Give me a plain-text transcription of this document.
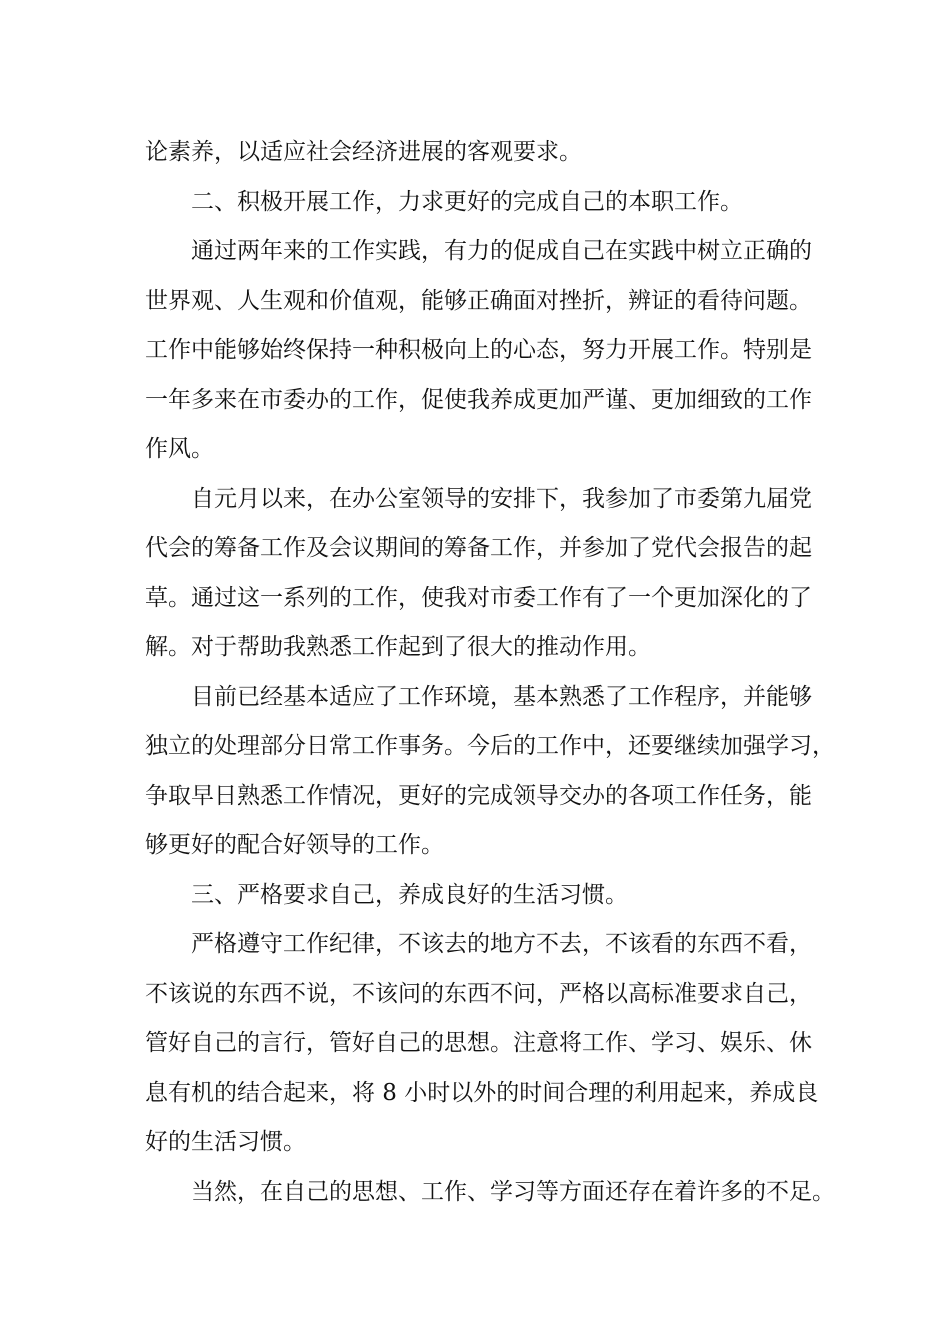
论素养，以适应社会经济进展的客观要求。
二、积极开展工作，力求更好的完成自己的本职工作。
通过两年来的工作实践，有力的促成自己在实践中树立正确的
世界观、人生观和价值观，能够正确面对挫折，辨证的看待问题。
工作中能够始终保持一种积极向上的心态，努力开展工作。特别是
一年多来在市委办的工作，促使我养成更加严谨、更加细致的工作
作风。
自元月以来，在办公室领导的安排下，我参加了市委第九届党
代会的筹备工作及会议期间的筹备工作，并参加了党代会报告的起
草。通过这一系列的工作，使我对市委工作有了一个更加深化的了
解。对于帮助我熟悉工作起到了很大的推动作用。
目前已经基本适应了工作环境，基本熟悉了工作程序，并能够
独立的处理部分日常工作事务。今后的工作中，还要继续加强学习，
争取早日熟悉工作情况，更好的完成领导交办的各项工作任务，能
够更好的配合好领导的工作。
三、严格要求自己，养成良好的生活习惯。
严格遵守工作纪律，不该去的地方不去，不该看的东西不看，
不该说的东西不说，不该问的东西不问，严格以高标准要求自己，
管好自己的言行，管好自己的思想。注意将工作、学习、娱乐、休
息有机的结合起来，将 8 小时以外的时间合理的利用起来，养成良
好的生活习惯。
当然，在自己的思想、工作、学习等方面还存在着许多的不足。
